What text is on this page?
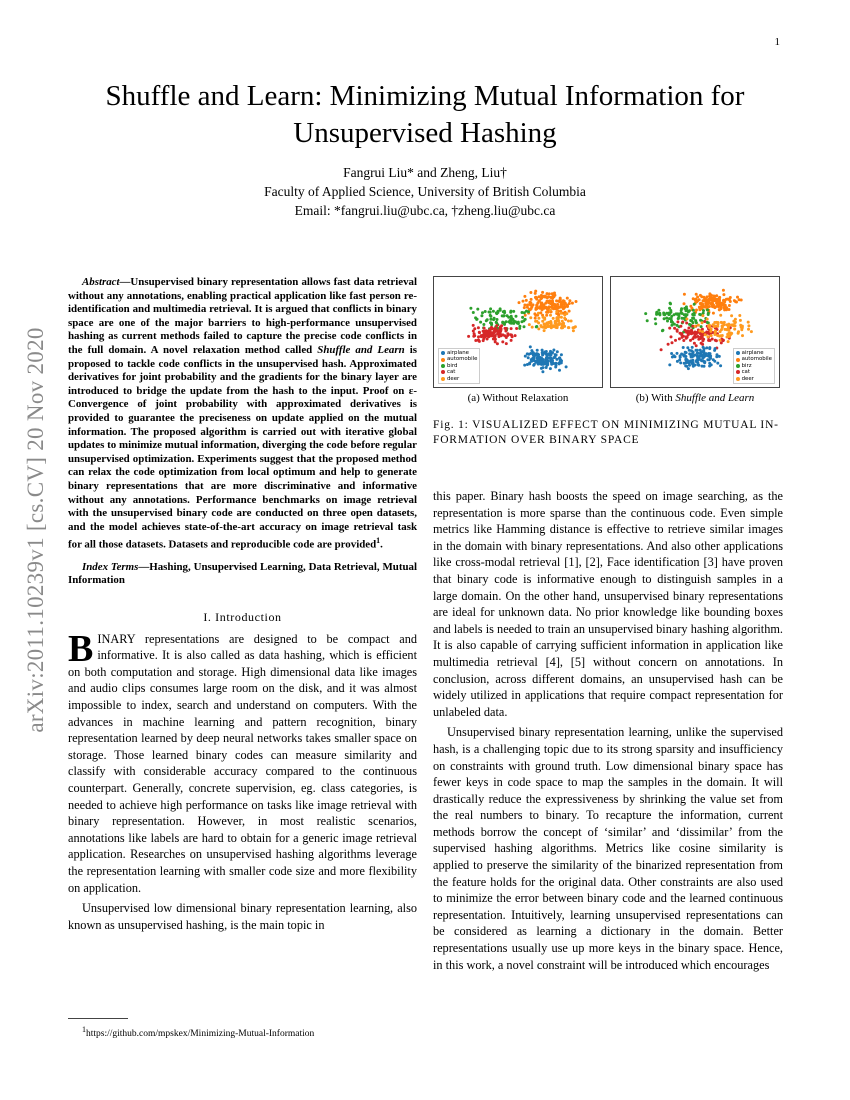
1
arXiv:2011.10239v1 [cs.CV] 20 Nov 2020
Shuffle and Learn: Minimizing Mutual Information for Unsupervised Hashing
Fangrui Liu* and Zheng, Liu†
Faculty of Applied Science, University of British Columbia
Email: *fangrui.liu@ubc.ca, †zheng.liu@ubc.ca

Abstract—Unsupervised binary representation allows fast data retrieval without any annotations, enabling practical application like fast person re-identification and multimedia retrieval. It is argued that conflicts in binary space are one of the major barriers to high-performance unsupervised hashing as current methods failed to capture the precise code conflicts in the full domain. A novel relaxation method called Shuffle and Learn is proposed to tackle code conflicts in the unsupervised hash. Approximated derivatives for joint probability and the gradients for the binary layer are introduced to bridge the update from the hash to the input. Proof on ε-Convergence of joint probability with approximated derivatives is provided to guarantee the preciseness on update applied on the mutual information. The proposed algorithm is carried out with iterative global updates to minimize mutual information, diverging the code before regular unsupervised optimization. Experiments suggest that the proposed method can relax the code optimization from local optimum and help to generate binary representations that are more discriminative and informative without any annotations. Performance benchmarks on image retrieval with the unsupervised binary code are conducted on three open datasets, and the model achieves state-of-the-art accuracy on image retrieval task for all those datasets. Datasets and reproducible code are provided$^1$.

Index Terms—Hashing, Unsupervised Learning, Data Retrieval, Mutual Information

I. Introduction

BINARY representations are designed to be compact and informative. It is also called as data hashing, which is efficient on both computation and storage. High dimensional data like images and audio clips consumes large room on the disk, and it was almost impossible to index, search and understand on computers. With the advances in machine learning and pattern recognition, binary representation learned by deep neural networks takes smaller space on storage. Those learned binary codes can measure similarity and classify with considerable accuracy compared to the continuous counterpart. Generally, concrete supervision, eg. class categories, is needed to achieve high performance on tasks like image retrieval with binary representation. However, in most realistic scenarios, annotations like labels are hard to obtain for a generic image retrieval application. Researches on unsupervised hashing algorithms leverage the representation learning with smaller code size and more flexibility on application.

Unsupervised low dimensional binary representation learning, also known as unsupervised hashing, is the main topic in

$^1$https://github.com/mpskex/Minimizing-Mutual-Information
airplane
automobile
bird
cat
deer
airplane
automobile
birz
cat
deer
(a) Without Relaxation	(b) With Shuffle and Learn
Fig. 1: VISUALIZED EFFECT ON MINIMIZING MUTUAL IN-
FORMATION OVER BINARY SPACE

this paper. Binary hash boosts the speed on image searching, as the representation is more sparse than the continuous code. Even simple metrics like Hamming distance is effective to retrieve similar images in the domain with binary representations. And also other applications like cross-modal retrieval [1], [2], Face identification [3] have proven that binary code is informative enough to distinguish samples in a large domain. On the other hand, unsupervised binary representations are ideal for unknown data. No prior knowledge like bounding boxes and labels is needed to train an unsupervised binary hashing algorithm. It is also capable of carrying sufficient information in application like multimedia retrieval [4], [5] without concern on annotations. In conclusion, across different domains, an unsupervised hash can be widely utilized in applications that require compact representation for unlabeled data.

Unsupervised binary representation learning, unlike the supervised hash, is a challenging topic due to its strong sparsity and insufficiency on constraints with ground truth. Low dimensional binary space has fewer keys in code space to map the samples in the domain. It will drastically reduce the expressiveness by shrinking the value set from the real numbers to binary. To recapture the information, current methods borrow the concept of ‘similar’ and ‘dissimilar’ from the supervised hashing algorithms. Metrics like cosine similarity is applied to preserve the similarity of the binarized representation from the feature holds for the original data. Other constraints are also used to minimize the error between binary code and the learned continuous representation. Intuitively, learning unsupervised representations can be considered as learning a dictionary in the domain. Better representations usually use up more keys in the binary space. Hence, in this work, a novel constraint will be introduced which encourages
